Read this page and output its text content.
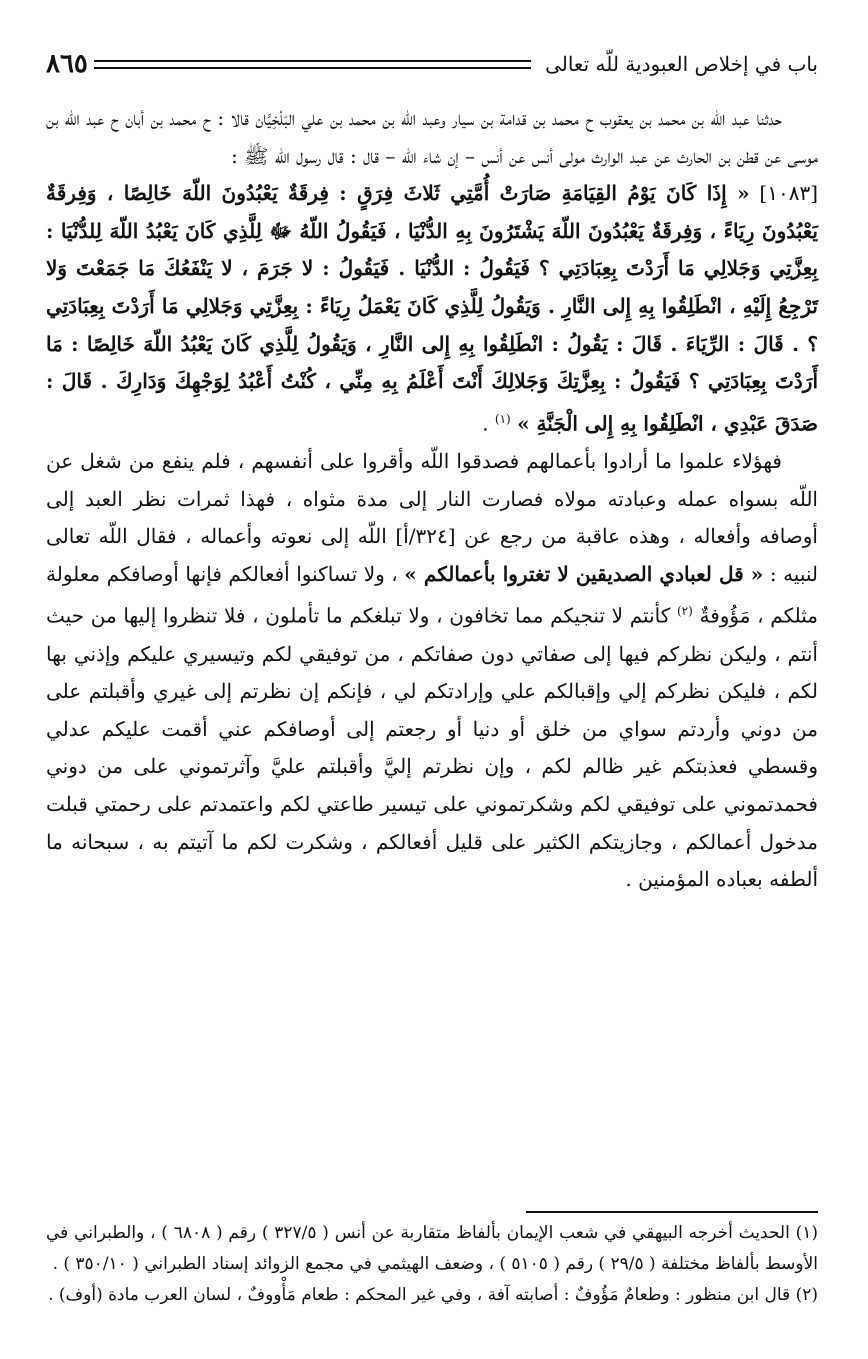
باب في إخلاص العبودية للّه تعالى
٨٦٥

حدثنا عبد اللّه بن محمد بن يعقوب ح محمد بن قدامة بن سيار وعبد اللّه بن محمد بن علي البَلْخِيَّان قالا : ح محمد بن أبان ح عبد اللّه بن موسى عن قطن بن الحارث عن عبد الوارث مولى أنس عن أنس – إن شاء اللّه – قال : قال رسول اللّه ﷺ :

[١٠٨٣] « إِذَا كَانَ يَوْمُ القِيَامَةِ صَارَتْ أُمَّتِي ثَلاثَ فِرَقٍ : فِرقَةٌ يَعْبُدُونَ اللّهَ خَالِصًا ، وَفِرقَةٌ يَعْبُدُونَ رِيَاءً ، وَفِرقَةٌ يَعْبُدُونَ اللّهَ يَشْتَرُونَ بِهِ الدُّنْيَا ، فَيَقُولُ اللّهُ ﷻ لِلَّذِي كَانَ يَعْبُدُ اللّهَ لِلدُّنْيَا : بِعِزَّتِي وَجَلالِي مَا أَرَدْتَ بِعِبَادَتِي ؟ فَيَقُولُ : الدُّنْيَا . فَيَقُولُ : لا جَرَمَ ، لا يَنْفَعُكَ مَا جَمَعْتَ وَلا تَرْجِعُ إِلَيْهِ ، انْطَلِقُوا بِهِ إِلى النَّارِ . وَيَقُولُ لِلَّذِي كَانَ يَعْمَلُ رِيَاءً : بِعِزَّتِي وَجَلالِي مَا أَرَدْتَ بِعِبَادَتِي ؟ . قَالَ : الرِّيَاءَ . قَالَ : يَقُولُ : انْطَلِقُوا بِهِ إِلى النَّارِ ، وَيَقُولُ لِلَّذِي كَانَ يَعْبُدُ اللّهَ خَالِصًا : مَا أَرَدْتَ بِعِبَادَتِي ؟ فَيَقُولُ : بِعِزَّتِكَ وَجَلالِكَ أَنْتَ أَعْلَمُ بِهِ مِنِّي ، كُنْتُ أَعْبُدُ لِوَجْهِكَ وَدَارِكَ . قَالَ : صَدَقَ عَبْدِي ، انْطَلِقُوا بِهِ إِلى الْجَنَّةِ » $^{(١)}$ .

فهؤلاء علموا ما أرادوا بأعمالهم فصدقوا اللّه وأقروا على أنفسهم ، فلم ينفع من شغل عن اللّه بسواه عمله وعبادته مولاه فصارت النار إلى مدة مثواه ، فهذا ثمرات نظر العبد إلى أوصافه وأفعاله ، وهذه عاقبة من رجع عن [٣٢٤/أ] اللّه إلى نعوته وأعماله ، فقال اللّه تعالى لنبيه : « قل لعبادي الصديقين لا تغتروا بأعمالكم » ، ولا تساكنوا أفعالكم فإنها أوصافكم معلولة مثلكم ، مَؤُوفةٌ $^{(٢)}$ كأنتم لا تنجيكم مما تخافون ، ولا تبلغكم ما تأملون ، فلا تنظروا إليها من حيث أنتم ، وليكن نظركم فيها إلى صفاتي دون صفاتكم ، من توفيقي لكم وتيسيري عليكم وإذني بها لكم ، فليكن نظركم إلي وإقبالكم علي وإرادتكم لي ، فإنكم إن نظرتم إلى غيري وأقبلتم على من دوني وأردتم سواي من خلق أو دنيا أو رجعتم إلى أوصافكم عني أقمت عليكم عدلي وقسطي فعذبتكم غير ظالم لكم ، وإن نظرتم إليَّ وأقبلتم عليَّ وآثرتموني على من دوني فحمدتموني على توفيقي لكم وشكرتموني على تيسير طاعتي لكم واعتمدتم على رحمتي قبلت مدخول أعمالكم ، وجازيتكم الكثير على قليل أفعالكم ، وشكرت لكم ما آتيتم به ، سبحانه ما ألطفه بعباده المؤمنين .

(١) الحديث أخرجه البيهقي في شعب الإيمان بألفاظ متقاربة عن أنس ( ٣٢٧/٥ ) رقم ( ٦٨٠٨ ) ، والطبراني في الأوسط بألفاظ مختلفة ( ٢٩/٥ ) رقم ( ٥١٠٥ ) ، وضعف الهيثمي في مجمع الزوائد إسناد الطبراني ( ٣٥٠/١٠ ) .

(٢) قال ابن منظور : وطعامٌ مَؤُوفٌ : أصابته آفة ، وفي غير المحكم : طعام مَأْووفٌ ، لسان العرب مادة (أوف) .
